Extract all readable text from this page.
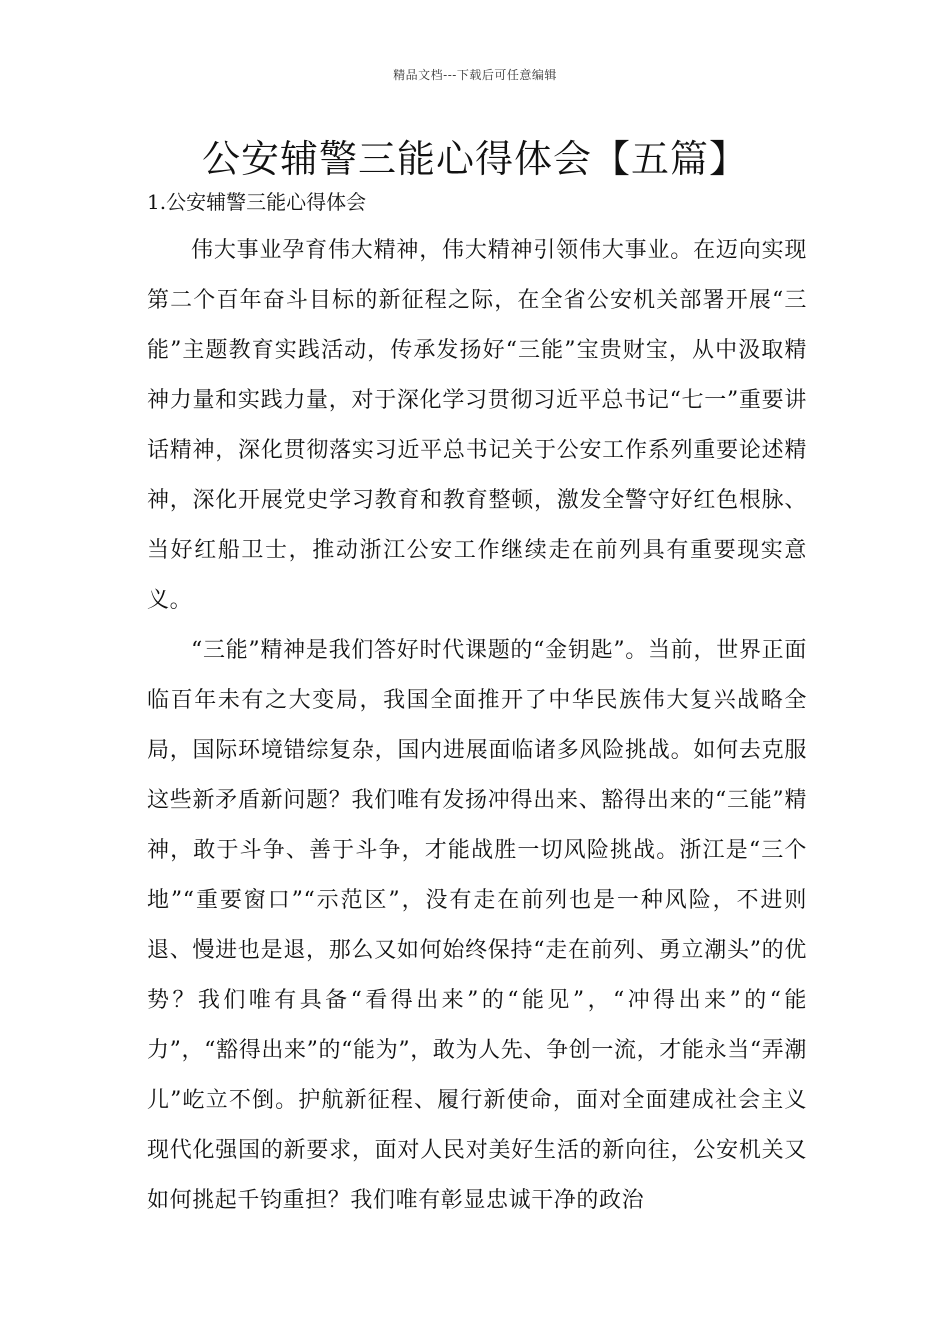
精品文档---下载后可任意编辑
公安辅警三能心得体会【五篇】
1.公安辅警三能心得体会

伟大事业孕育伟大精神，伟大精神引领伟大事业。在迈向实现第二个百年奋斗目标的新征程之际，在全省公安机关部署开展“三能”主题教育实践活动，传承发扬好“三能”宝贵财宝，从中汲取精神力量和实践力量，对于深化学习贯彻习近平总书记“七一”重要讲话精神，深化贯彻落实习近平总书记关于公安工作系列重要论述精神，深化开展党史学习教育和教育整顿，激发全警守好红色根脉、当好红船卫士，推动浙江公安工作继续走在前列具有重要现实意义。

“三能”精神是我们答好时代课题的“金钥匙”。当前，世界正面临百年未有之大变局，我国全面推开了中华民族伟大复兴战略全局，国际环境错综复杂，国内进展面临诸多风险挑战。如何去克服这些新矛盾新问题？我们唯有发扬冲得出来、豁得出来的“三能”精神，敢于斗争、善于斗争，才能战胜一切风险挑战。浙江是“三个地”“重要窗口”“示范区”，没有走在前列也是一种风险，不进则退、慢进也是退，那么又如何始终保持“走在前列、勇立潮头”的优势？我们唯有具备“看得出来”的“能见”，“冲得出来”的“能力”，“豁得出来”的“能为”，敢为人先、争创一流，才能永当“弄潮儿”屹立不倒。护航新征程、履行新使命，面对全面建成社会主义现代化强国的新要求，面对人民对美好生活的新向往，公安机关又如何挑起千钧重担？我们唯有彰显忠诚干净的政治
